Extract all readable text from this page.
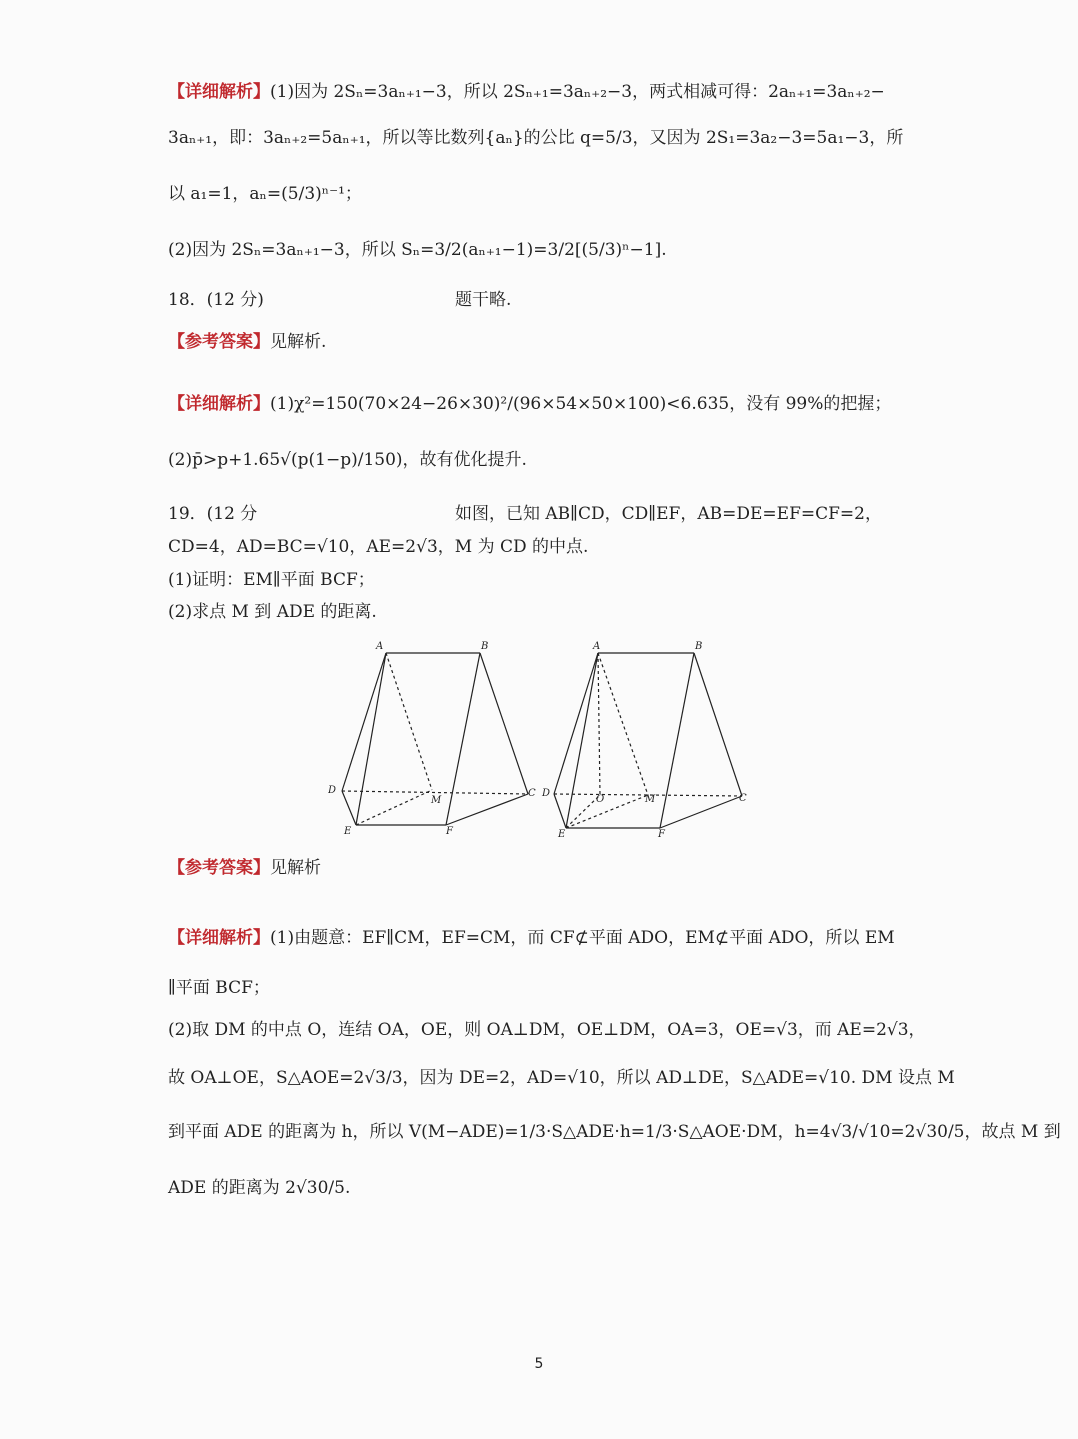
【详细解析】(1)因为 2Sₙ=3aₙ₊₁−3，所以 2Sₙ₊₁=3aₙ₊₂−3，两式相减可得：2aₙ₊₁=3aₙ₊₂−
3aₙ₊₁，即：3aₙ₊₂=5aₙ₊₁，所以等比数列{aₙ}的公比 q=5/3，又因为 2S₁=3a₂−3=5a₁−3，所
以 a₁=1，aₙ=(5/3)ⁿ⁻¹；
(2)因为 2Sₙ=3aₙ₊₁−3，所以 Sₙ=3/2(aₙ₊₁−1)=3/2[(5/3)ⁿ−1].
18．(12 分)	题干略.
【参考答案】见解析.
【详细解析】(1)χ²=150(70×24−26×30)²/(96×54×50×100)<6.635，没有 99%的把握；
(2)p̄>p+1.65√(p(1−p)/150)，故有优化提升.
19．(12 分	如图，已知 AB∥CD，CD∥EF，AB=DE=EF=CF=2，
CD=4，AD=BC=√10，AE=2√3，M 为 CD 的中点.
(1)证明：EM∥平面 BCF；
(2)求点 M 到 ADE 的距离.
A	B
D
M
C
E	F
A	B
D
O	M	C
E	F
【参考答案】见解析
【详细解析】(1)由题意：EF∥CM，EF=CM，而 CF⊄平面 ADO，EM⊄平面 ADO，所以 EM
∥平面 BCF；
(2)取 DM 的中点 O，连结 OA，OE，则 OA⊥DM，OE⊥DM，OA=3，OE=√3，而 AE=2√3，
故 OA⊥OE，S△AOE=2√3/3，因为 DE=2，AD=√10，所以 AD⊥DE，S△ADE=√10. DM 设点 M
到平面 ADE 的距离为 h，所以 V(M−ADE)=1/3·S△ADE·h=1/3·S△AOE·DM，h=4√3/√10=2√30/5，故点 M 到
ADE 的距离为 2√30/5.
5
